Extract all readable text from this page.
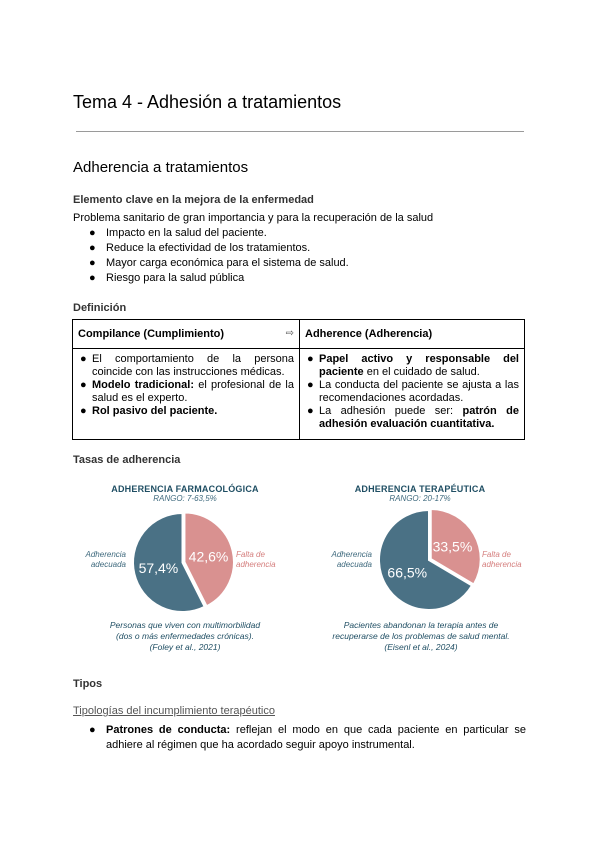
Tema 4 - Adhesión a tratamientos
Adherencia a tratamientos
Elemento clave en la mejora de la enfermedad
Problema sanitario de gran importancia y para la recuperación de la salud
● Impacto en la salud del paciente.
● Reduce la efectividad de los tratamientos.
● Mayor carga económica para el sistema de salud.
● Riesgo para la salud pública
Definición
Compilance (Cumplimiento) ⇨	Adherence (Adherencia)

● El comportamiento de la persona coincide con las instrucciones médicas.
● Modelo tradicional: el profesional de la salud es el experto.
● Rol pasivo del paciente.

● Papel activo y responsable del paciente en el cuidado de salud.
● La conducta del paciente se ajusta a las recomendaciones acordadas.
● La adhesión puede ser: patrón de adhesión evaluación cuantitativa.
Tasas de adherencia
ADHERENCIA FARMACOLÓGICA
RANGO: 7-63,5%
57,4%
42,6%
Adherencia
adecuada
Falta de
adherencia
Personas que viven con multimorbilidad
(dos o más enfermedades crónicas).
(Foley et al., 2021)
ADHERENCIA TERAPÉUTICA
RANGO: 20-17%
66,5%
33,5%
Adherencia
adecuada
Falta de
adherencia
Pacientes abandonan la terapia antes de
recuperarse de los problemas de salud mental.
(Eisenl et al., 2024)
Tipos
Tipologías del incumplimiento terapéutico
● Patrones de conducta: reflejan el modo en que cada paciente en particular se adhiere al régimen que ha acordado seguir apoyo instrumental.
